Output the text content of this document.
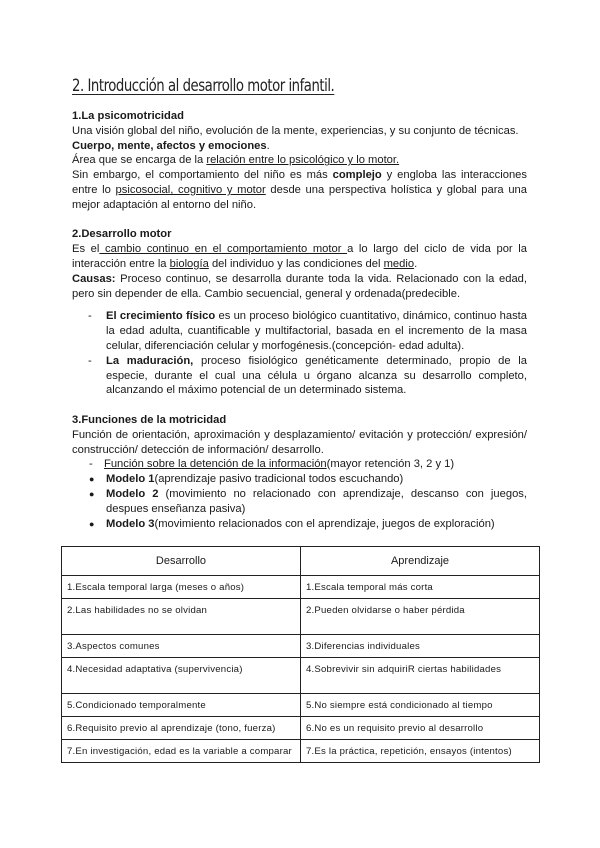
2. Introducción al desarrollo motor infantil.

1.La psicomotricidad

Una visión global del niño, evolución de la mente, experiencias, y su conjunto de técnicas.

Cuerpo, mente, afectos y emociones.

Área que se encarga de la relación entre lo psicológico y lo motor.

Sin embargo, el comportamiento del niño es más complejo y engloba las interacciones entre lo psicosocial, cognitivo y motor desde una perspectiva holística y global para una mejor adaptación al entorno del niño.

2.Desarrollo motor

Es el cambio continuo en el comportamiento motor a lo largo del ciclo de vida por la interacción entre la biología del individuo y las condiciones del medio.

Causas: Proceso continuo, se desarrolla durante toda la vida. Relacionado con la edad, pero sin depender de ella. Cambio secuencial, general y ordenada(predecible.

- El crecimiento físico es un proceso biológico cuantitativo, dinámico, continuo hasta la edad adulta, cuantificable y multifactorial, basada en el incremento de la masa celular, diferenciación celular y morfogénesis.(concepción- edad adulta).
- La maduración, proceso fisiológico genéticamente determinado, propio de la especie, durante el cual una célula u órgano alcanza su desarrollo completo, alcanzando el máximo potencial de un determinado sistema.

3.Funciones de la motricidad

Función de orientación, aproximación y desplazamiento/ evitación y protección/ expresión/ construcción/ detección de información/ desarrollo.

- Función sobre la detención de la información(mayor retención 3, 2 y 1)
● Modelo 1(aprendizaje pasivo tradicional todos escuchando)
● Modelo 2 (movimiento no relacionado con aprendizaje, descanso con juegos, despues enseñanza pasiva)
● Modelo 3(movimiento relacionados con el aprendizaje, juegos de exploración)
Desarrollo	Aprendizaje
1.Escala temporal larga (meses o años)	1.Escala temporal más corta
2.Las habilidades no se olvidan	2.Pueden olvidarse o haber pérdida
3.Aspectos comunes	3.Diferencias individuales
4.Necesidad adaptativa (supervivencia)	4.Sobrevivir sin adquiriR ciertas habilidades
5.Condicionado temporalmente	5.No siempre está condicionado al tiempo
6.Requisito previo al aprendizaje (tono, fuerza)	6.No es un requisito previo al desarrollo
7.En investigación, edad es la variable a comparar	7.Es la práctica, repetición, ensayos (intentos)
